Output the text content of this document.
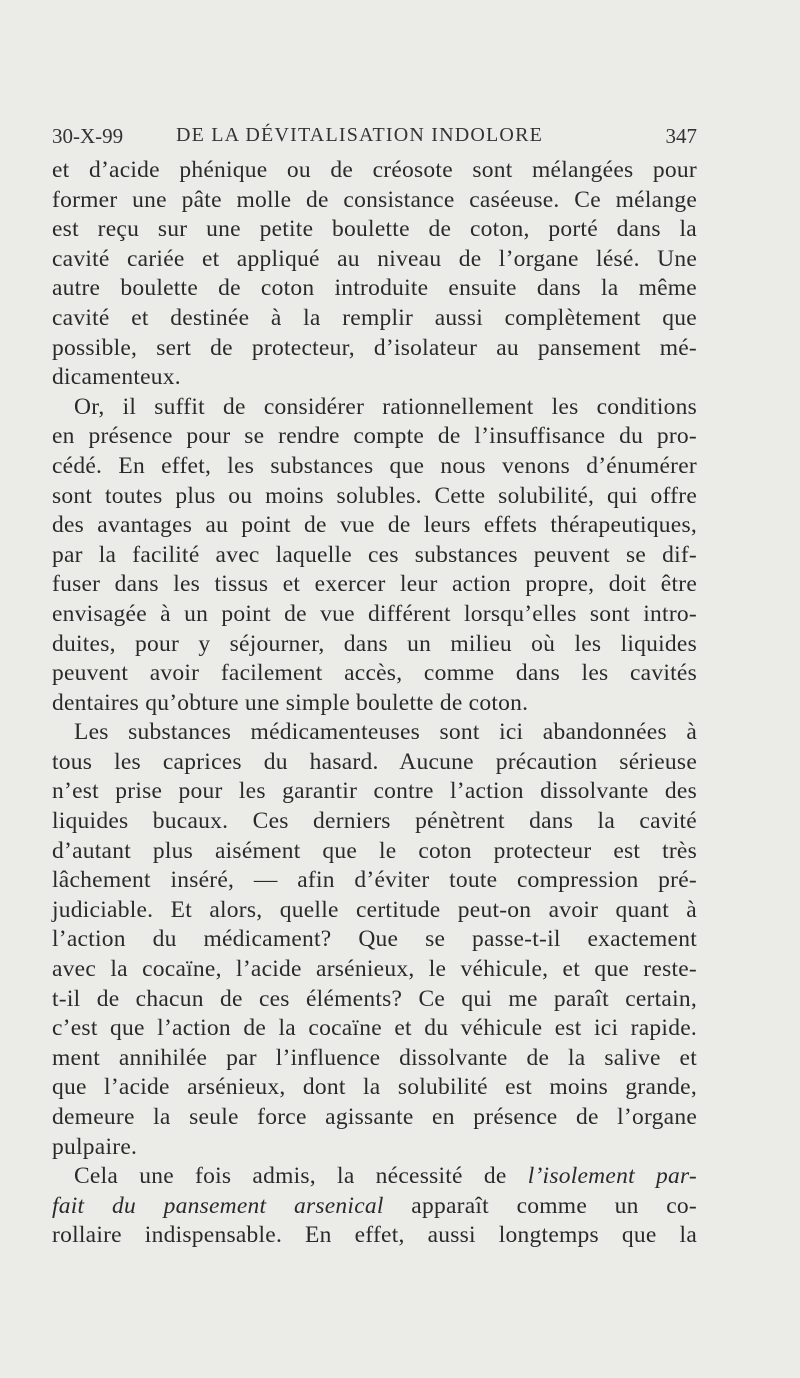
30-X-99	DE LA DÉVITALISATION INDOLORE	347
et d’acide phénique ou de créosote sont mélangées pour
former une pâte molle de consistance caséeuse. Ce mélange
est reçu sur une petite boulette de coton, porté dans la
cavité cariée et appliqué au niveau de l’organe lésé. Une
autre boulette de coton introduite ensuite dans la même
cavité et destinée à la remplir aussi complètement que
possible, sert de protecteur, d’isolateur au pansement mé-
dicamenteux.
Or, il suffit de considérer rationnellement les conditions
en présence pour se rendre compte de l’insuffisance du pro-
cédé. En effet, les substances que nous venons d’énumérer
sont toutes plus ou moins solubles. Cette solubilité, qui offre
des avantages au point de vue de leurs effets thérapeutiques,
par la facilité avec laquelle ces substances peuvent se dif-
fuser dans les tissus et exercer leur action propre, doit être
envisagée à un point de vue différent lorsqu’elles sont intro-
duites, pour y séjourner, dans un milieu où les liquides
peuvent avoir facilement accès, comme dans les cavités
dentaires qu’obture une simple boulette de coton.
Les substances médicamenteuses sont ici abandonnées à
tous les caprices du hasard. Aucune précaution sérieuse
n’est prise pour les garantir contre l’action dissolvante des
liquides bucaux. Ces derniers pénètrent dans la cavité
d’autant plus aisément que le coton protecteur est très
lâchement inséré, — afin d’éviter toute compression pré-
judiciable. Et alors, quelle certitude peut-on avoir quant à
l’action du médicament? Que se passe-t-il exactement
avec la cocaïne, l’acide arsénieux, le véhicule, et que reste-
t-il de chacun de ces éléments? Ce qui me paraît certain,
c’est que l’action de la cocaïne et du véhicule est ici rapide.
ment annihilée par l’influence dissolvante de la salive et
que l’acide arsénieux, dont la solubilité est moins grande,
demeure la seule force agissante en présence de l’organe
pulpaire.
Cela une fois admis, la nécessité de l’isolement par-
fait du pansement arsenical apparaît comme un co-
rollaire indispensable. En effet, aussi longtemps que la
